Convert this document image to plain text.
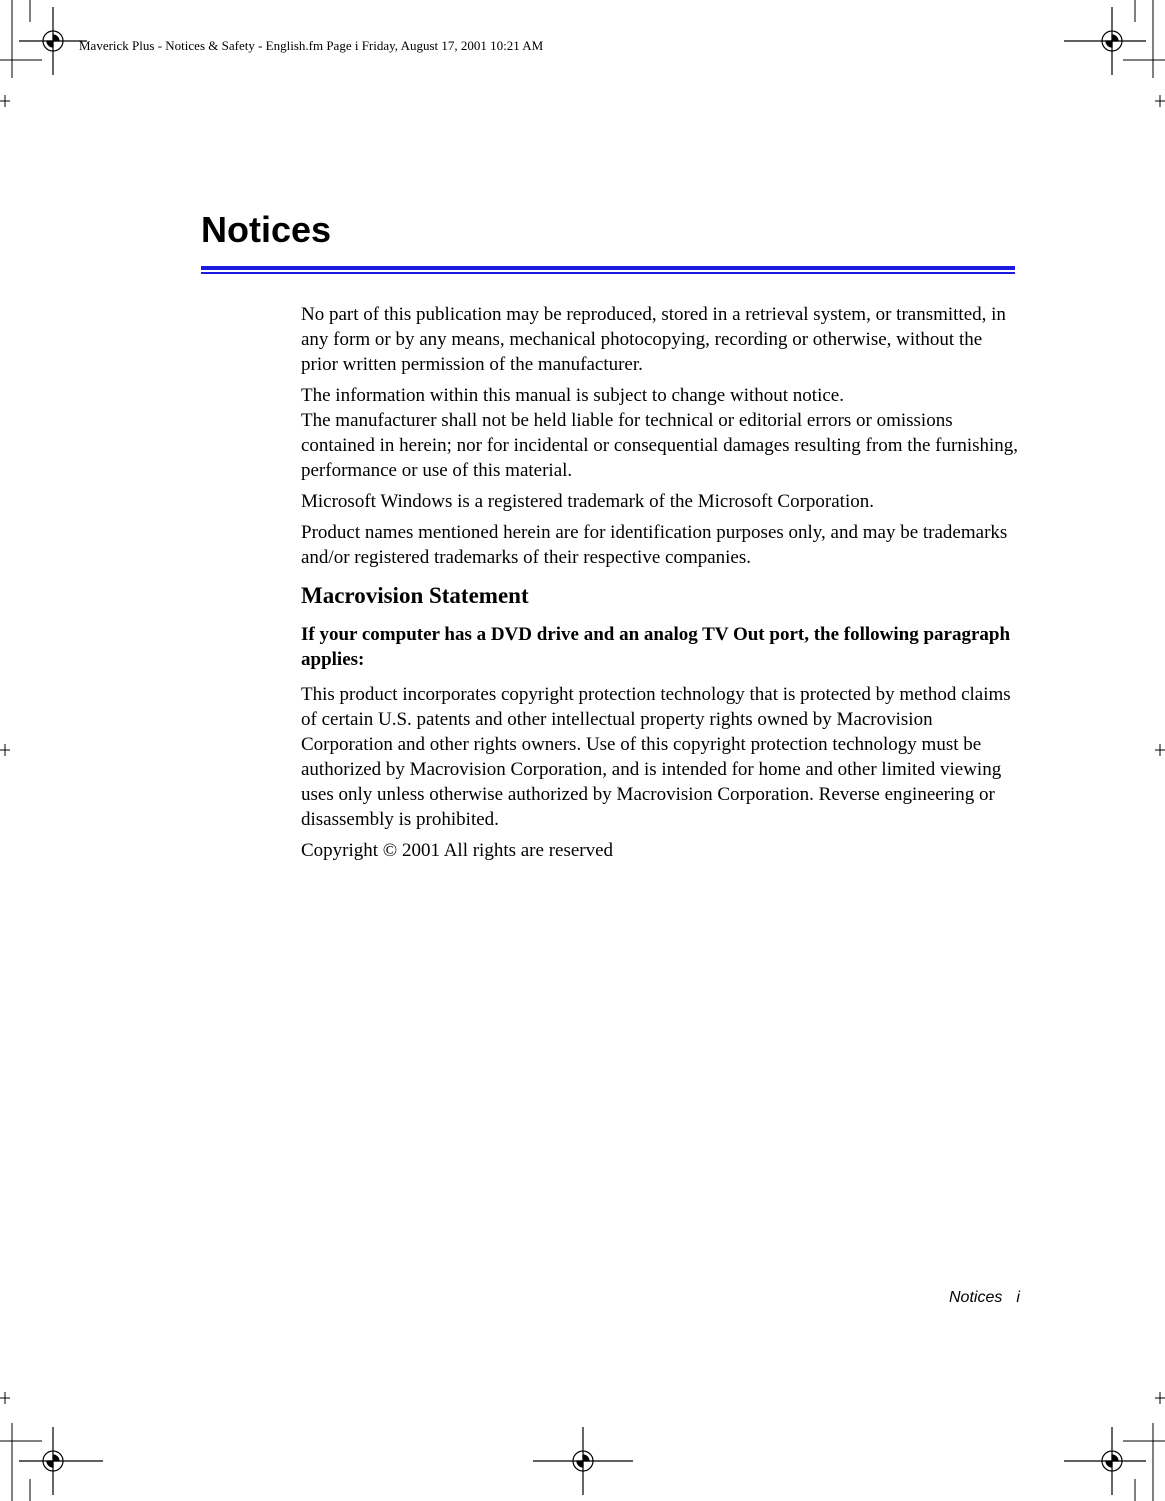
Maverick Plus - Notices & Safety - English.fm Page i Friday, August 17, 2001 10:21 AM
Notices

No part of this publication may be reproduced, stored in a retrieval system, or transmitted, in any form or by any means, mechanical photocopying, recording or otherwise, without the prior written permission of the manufacturer.

The information within this manual is subject to change without notice.

The manufacturer shall not be held liable for technical or editorial errors or omissions contained in herein; nor for incidental or consequential damages resulting from the furnishing, performance or use of this material.

Microsoft Windows is a registered trademark of the Microsoft Corporation.

Product names mentioned herein are for identification purposes only, and may be trademarks and/or registered trademarks of their respective companies.

Macrovision Statement

If your computer has a DVD drive and an analog TV Out port, the following paragraph applies:

This product incorporates copyright protection technology that is protected by method claims of certain U.S. patents and other intellectual property rights owned by Macrovision Corporation and other rights owners. Use of this copyright protection technology must be authorized by Macrovision Corporation, and is intended for home and other limited viewing uses only unless otherwise authorized by Macrovision Corporation. Reverse engineering or disassembly is prohibited.

Copyright © 2001 All rights are reserved

Notices i
